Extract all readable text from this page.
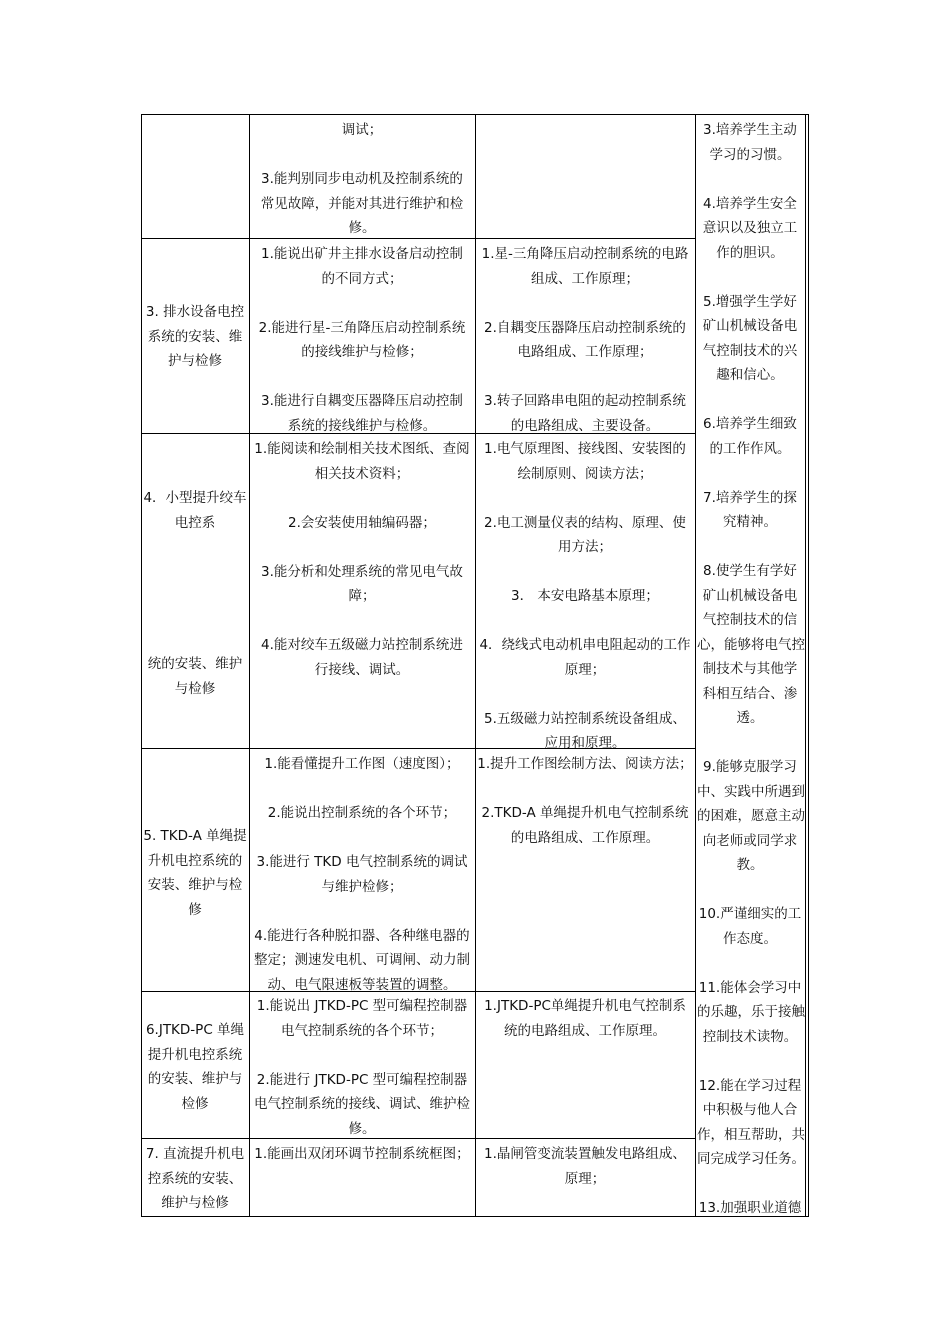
调试；
3.能判别同步电动机及控制系统的
常见故障，并能对其进行维护和检
修。
3. 排水设备电控
系统的安装、维
护与检修
1.能说出矿井主排水设备启动控制
的不同方式；
2.能进行星-三角降压启动控制系统
的接线维护与检修；
3.能进行自耦变压器降压启动控制
系统的接线维护与检修。
1.星-三角降压启动控制系统的电路
组成、工作原理；
2.自耦变压器降压启动控制系统的
电路组成、工作原理；
3.转子回路串电阻的起动控制系统
的电路组成、主要设备。
4．小型提升绞车
电控系
统的安装、维护
与检修
1.能阅读和绘制相关技术图纸、查阅
相关技术资料；
2.会安装使用轴编码器；
3.能分析和处理系统的常见电气故
障；
4.能对绞车五级磁力站控制系统进
行接线、调试。
1.电气原理图、接线图、安装图的
绘制原则、阅读方法；
2.电工测量仪表的结构、原理、使
用方法；
3． 本安电路基本原理；
4．绕线式电动机串电阻起动的工作
原理；
5.五级磁力站控制系统设备组成、
应用和原理。
5. TKD-A 单绳提
升机电控系统的
安装、维护与检
修
1.能看懂提升工作图（速度图）；
2.能说出控制系统的各个环节；
3.能进行 TKD 电气控制系统的调试
与维护检修；
4.能进行各种脱扣器、各种继电器的
整定；测速发电机、可调闸、动力制
动、电气限速板等装置的调整。
1.提升工作图绘制方法、阅读方法；
2.TKD-A 单绳提升机电气控制系统
的电路组成、工作原理。
6.JTKD-PC 单绳
提升机电控系统
的安装、维护与
检修
1.能说出 JTKD-PC 型可编程控制器
电气控制系统的各个环节；
2.能进行 JTKD-PC 型可编程控制器
电气控制系统的接线、调试、维护检
修。
1.JTKD-PC单绳提升机电气控制系
统的电路组成、工作原理。
7. 直流提升机电
控系统的安装、
维护与检修
1.能画出双闭环调节控制系统框图；	1.晶闸管变流装置触发电路组成、
原理；
3.培养学生主动
学习的习惯。
4.培养学生安全
意识以及独立工
作的胆识。
5.增强学生学好
矿山机械设备电
气控制技术的兴
趣和信心。
6.培养学生细致
的工作作风。
7.培养学生的探
究精神。
8.使学生有学好
矿山机械设备电
气控制技术的信
心，能够将电气控
制技术与其他学
科相互结合、渗
透。
9.能够克服学习
中、实践中所遇到
的困难，愿意主动
向老师或同学求
教。
10.严谨细实的工
作态度。
11.能体会学习中
的乐趣，乐于接触
控制技术读物。
12.能在学习过程
中积极与他人合
作，相互帮助，共
同完成学习任务。
13.加强职业道德
